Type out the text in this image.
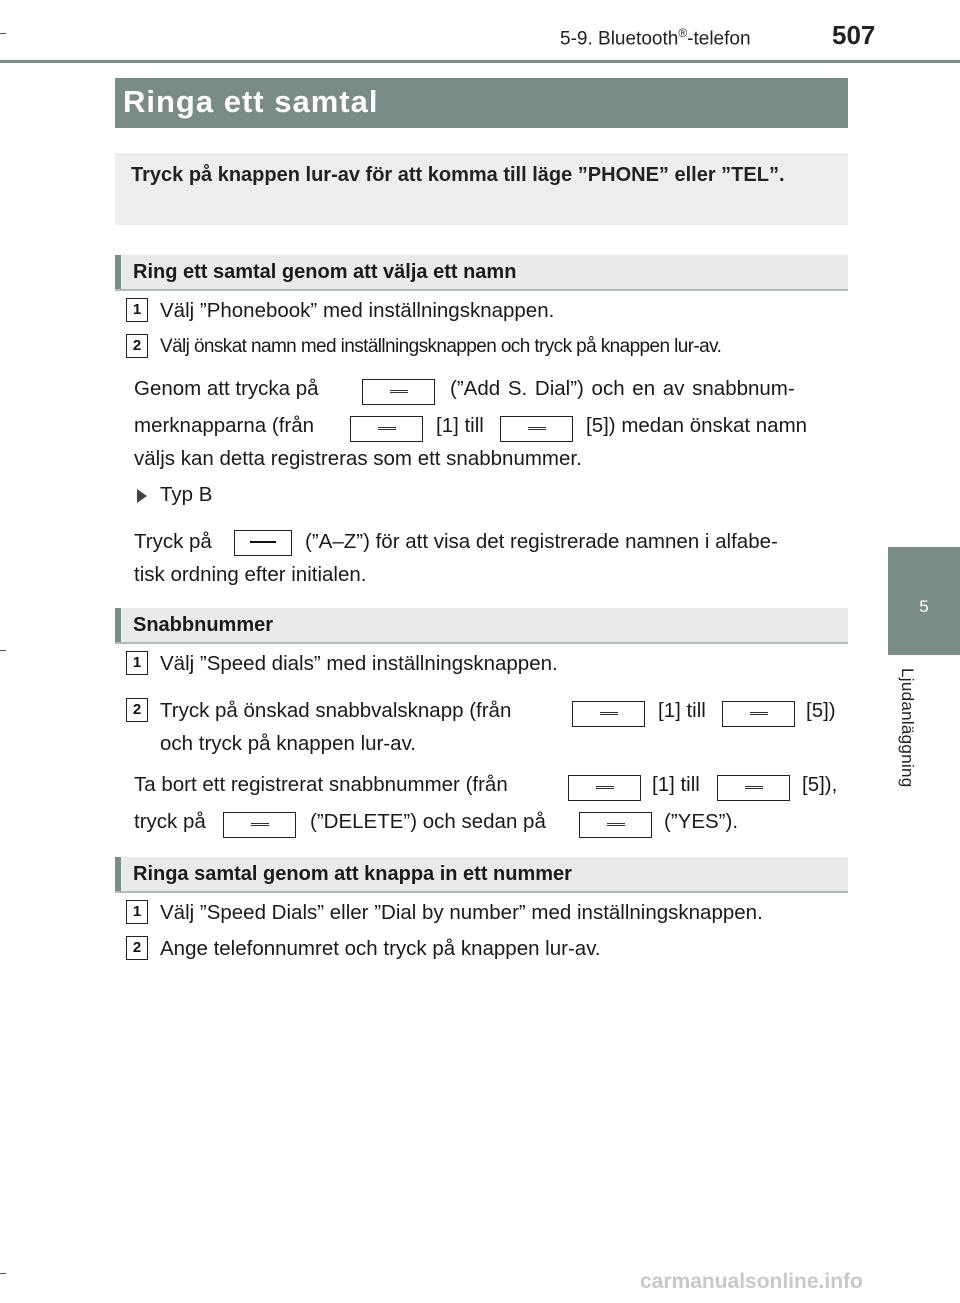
5-9. Bluetooth®-telefon	507
5
Ljudanläggning
Ringa ett samtal
Tryck på knappen lur-av för att komma till läge ”PHONE” eller ”TEL”.
Ring ett samtal genom att välja ett namn
1 Välj ”Phonebook” med inställningsknappen.
2 Välj önskat namn med inställningsknappen och tryck på knappen lur-av.
Genom att trycka på	(”Add S. Dial”) och en av snabbnum-
merknapparna (från	[1] till	[5]) medan önskat namn
väljs kan detta registreras som ett snabbnummer.
Typ B
Tryck på	(”A–Z”) för att visa det registrerade namnen i alfabe-
tisk ordning efter initialen.
Snabbnummer
1 Välj ”Speed dials” med inställningsknappen.
2 Tryck på önskad snabbvalsknapp (från	[1] till	[5])
och tryck på knappen lur-av.
Ta bort ett registrerat snabbnummer (från	[1] till	[5]),
tryck på	(”DELETE”) och sedan på	(”YES”).
Ringa samtal genom att knappa in ett nummer
1 Välj ”Speed Dials” eller ”Dial by number” med inställningsknappen.
2 Ange telefonnumret och tryck på knappen lur-av.
carmanualsonline.info
